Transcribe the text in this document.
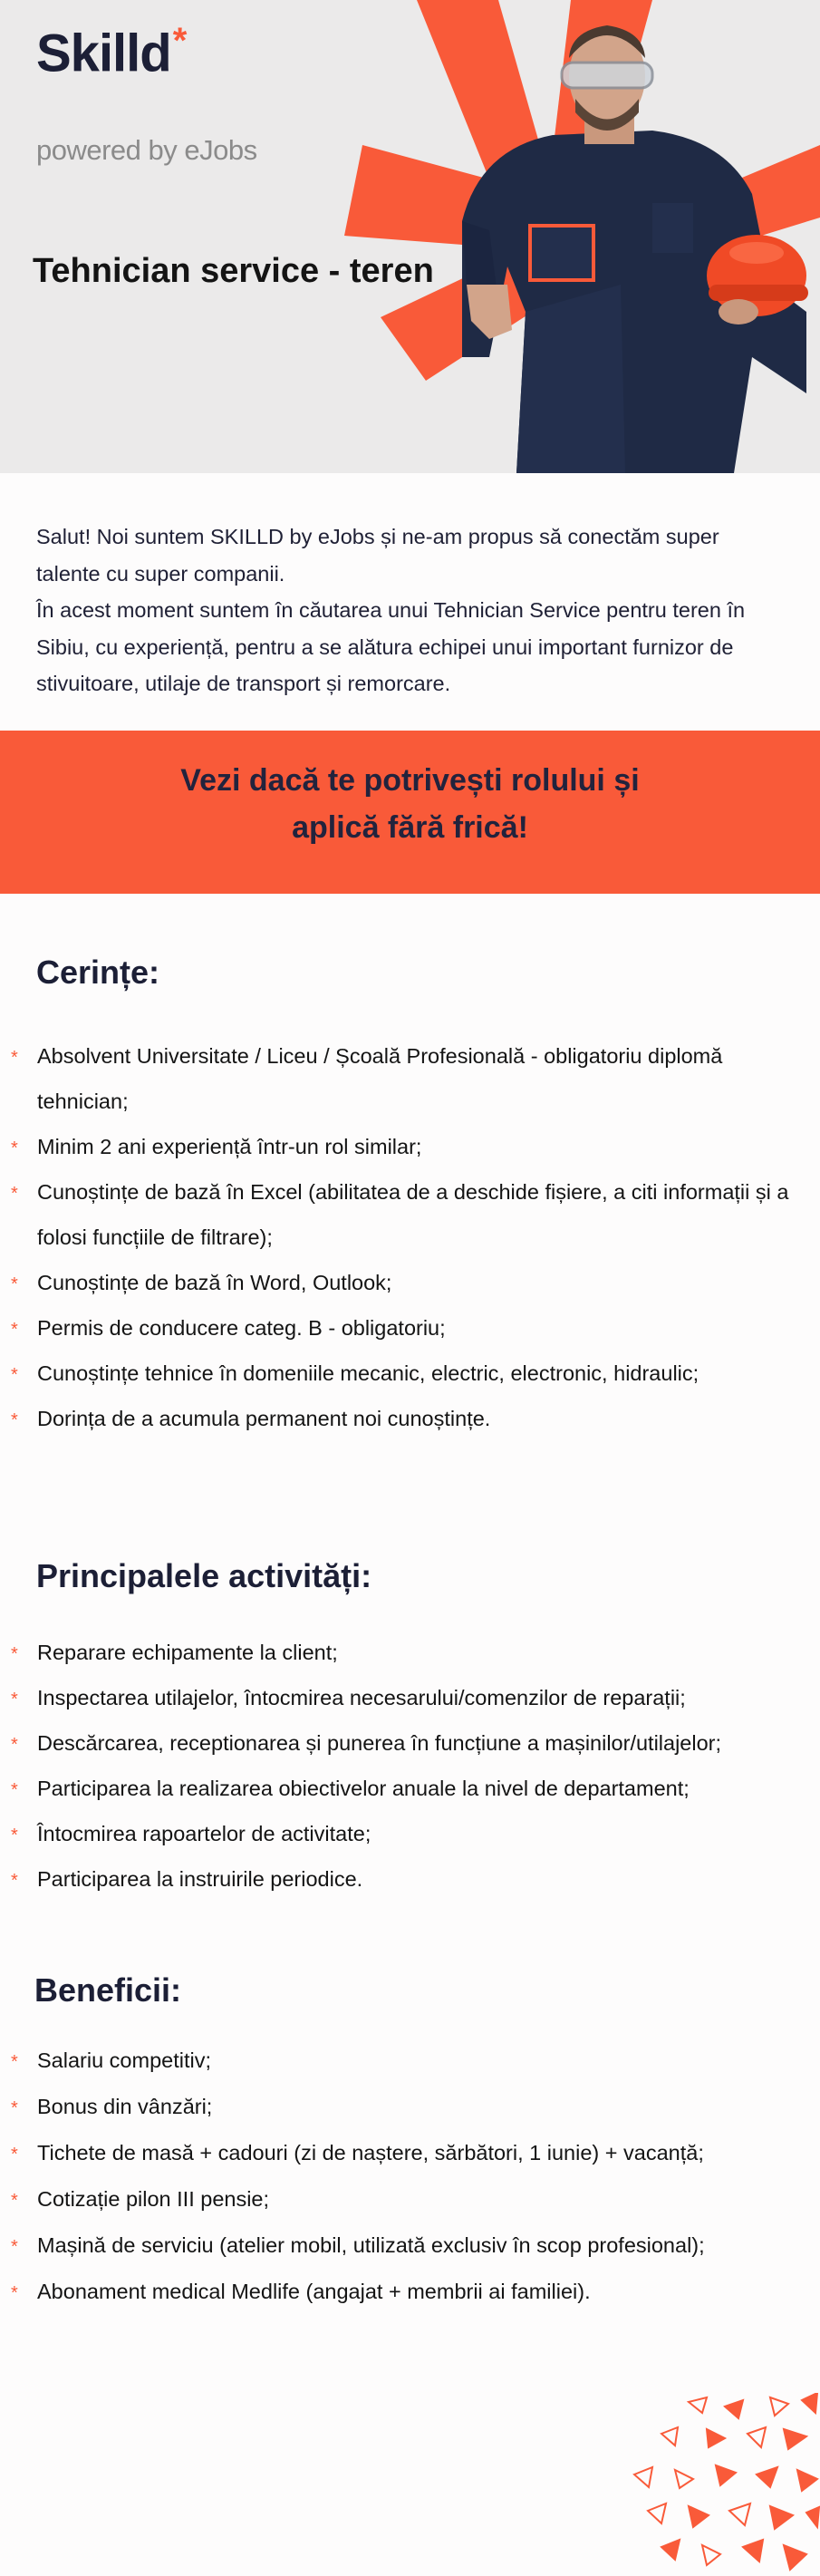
Skilld*
powered by eJobs
Tehnician service - teren

Salut! Noi suntem SKILLD by eJobs și ne-am propus să conectăm super talente cu super companii.

În acest moment suntem în căutarea unui Tehnician Service pentru teren în Sibiu, cu experiență, pentru a se alătura echipei unui important furnizor de stivuitoare, utilaje de transport și remorcare.

Vezi dacă te potrivești rolului și
aplică fără frică!
Cerințe:
* Absolvent Universitate / Liceu / Școală Profesională - obligatoriu diplomă tehnician;
* Minim 2 ani experiență într-un rol similar;
* Cunoștințe de bază în Excel (abilitatea de a deschide fișiere, a citi informații și a folosi funcțiile de filtrare);
* Cunoștințe de bază în Word, Outlook;
* Permis de conducere categ. B - obligatoriu;
* Cunoștințe tehnice în domeniile mecanic, electric, electronic, hidraulic;
* Dorința de a acumula permanent noi cunoștințe.
Principalele activități:
* Reparare echipamente la client;
* Inspectarea utilajelor, întocmirea necesarului/comenzilor de reparații;
* Descărcarea, receptionarea și punerea în funcțiune a mașinilor/utilajelor;
* Participarea la realizarea obiectivelor anuale la nivel de departament;
* Întocmirea rapoartelor de activitate;
* Participarea la instruirile periodice.
Beneficii:
* Salariu competitiv;
* Bonus din vânzări;
* Tichete de masă + cadouri (zi de naștere, sărbători, 1 iunie) + vacanță;
* Cotizație pilon III pensie;
* Mașină de serviciu (atelier mobil, utilizată exclusiv în scop profesional);
* Abonament medical Medlife (angajat + membrii ai familiei).
